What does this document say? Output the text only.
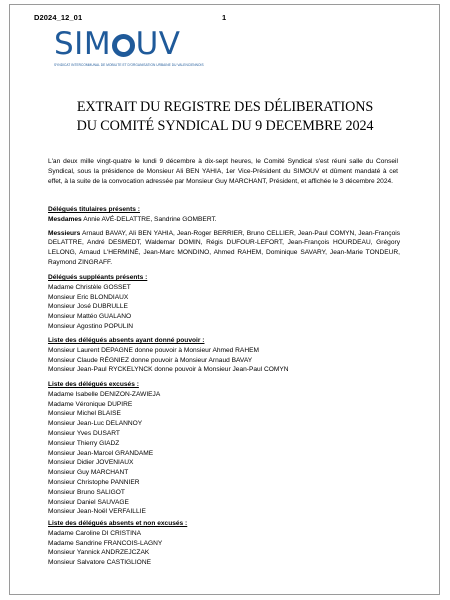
D2024_12_01	1
SIM UV
SYNDICAT INTERCOMMUNAL DE MOBILITE ET D'ORGANISATION URBAINE DU VALENCIENNOIS
EXTRAIT DU REGISTRE DES DÉLIBERATIONS
DU COMITÉ SYNDICAL DU 9 DECEMBRE 2024
L'an deux mille vingt-quatre le lundi 9 décembre à dix-sept heures, le Comité Syndical s'est réuni salle du Conseil Syndical, sous la présidence de Monsieur Ali BEN YAHIA, 1er Vice-Président du SIMOUV et dûment mandaté à cet effet, à la suite de la convocation adressée par Monsieur Guy MARCHANT, Président, et affichée le 3 décembre 2024.
Délégués titulaires présents :
Mesdames Annie AVÉ-DELATTRE, Sandrine GOMBERT.
Messieurs Arnaud BAVAY, Ali BEN YAHIA, Jean-Roger BERRIER, Bruno CELLIER, Jean-Paul COMYN, Jean-François DELATTRE, André DESMEDT, Waldemar DOMIN, Régis DUFOUR-LEFORT, Jean-François HOURDEAU, Grégory LELONG, Arnaud L'HERMINÉ, Jean-Marc MONDINO, Ahmed RAHEM, Dominique SAVARY, Jean-Marie TONDEUR, Raymond ZINGRAFF.
Délégués suppléants présents :
Madame Christèle GOSSET
Monsieur Eric BLONDIAUX
Monsieur José DUBRULLE
Monsieur Mattéo GUALANO
Monsieur Agostino POPULIN
Liste des délégués absents ayant donné pouvoir :
Monsieur Laurent DEPAGNE donne pouvoir à Monsieur Ahmed RAHEM
Monsieur Claude RÉGNIEZ donne pouvoir à Monsieur Arnaud BAVAY
Monsieur Jean-Paul RYCKELYNCK donne pouvoir à Monsieur Jean-Paul COMYN
Liste des délégués excusés :
Madame Isabelle DENIZON-ZAWIEJA
Madame Véronique DUPIRE
Monsieur Michel BLAISE
Monsieur Jean-Luc DELANNOY
Monsieur Yves DUSART
Monsieur Thierry GIADZ
Monsieur Jean-Marcel GRANDAME
Monsieur Didier JOVENIAUX
Monsieur Guy MARCHANT
Monsieur Christophe PANNIER
Monsieur Bruno SALIGOT
Monsieur Daniel SAUVAGE
Monsieur Jean-Noël VERFAILLIE
Liste des délégués absents et non excusés :
Madame Caroline DI CRISTINA
Madame Sandrine FRANCOIS-LAGNY
Monsieur Yannick ANDRZEJCZAK
Monsieur Salvatore CASTIGLIONE
